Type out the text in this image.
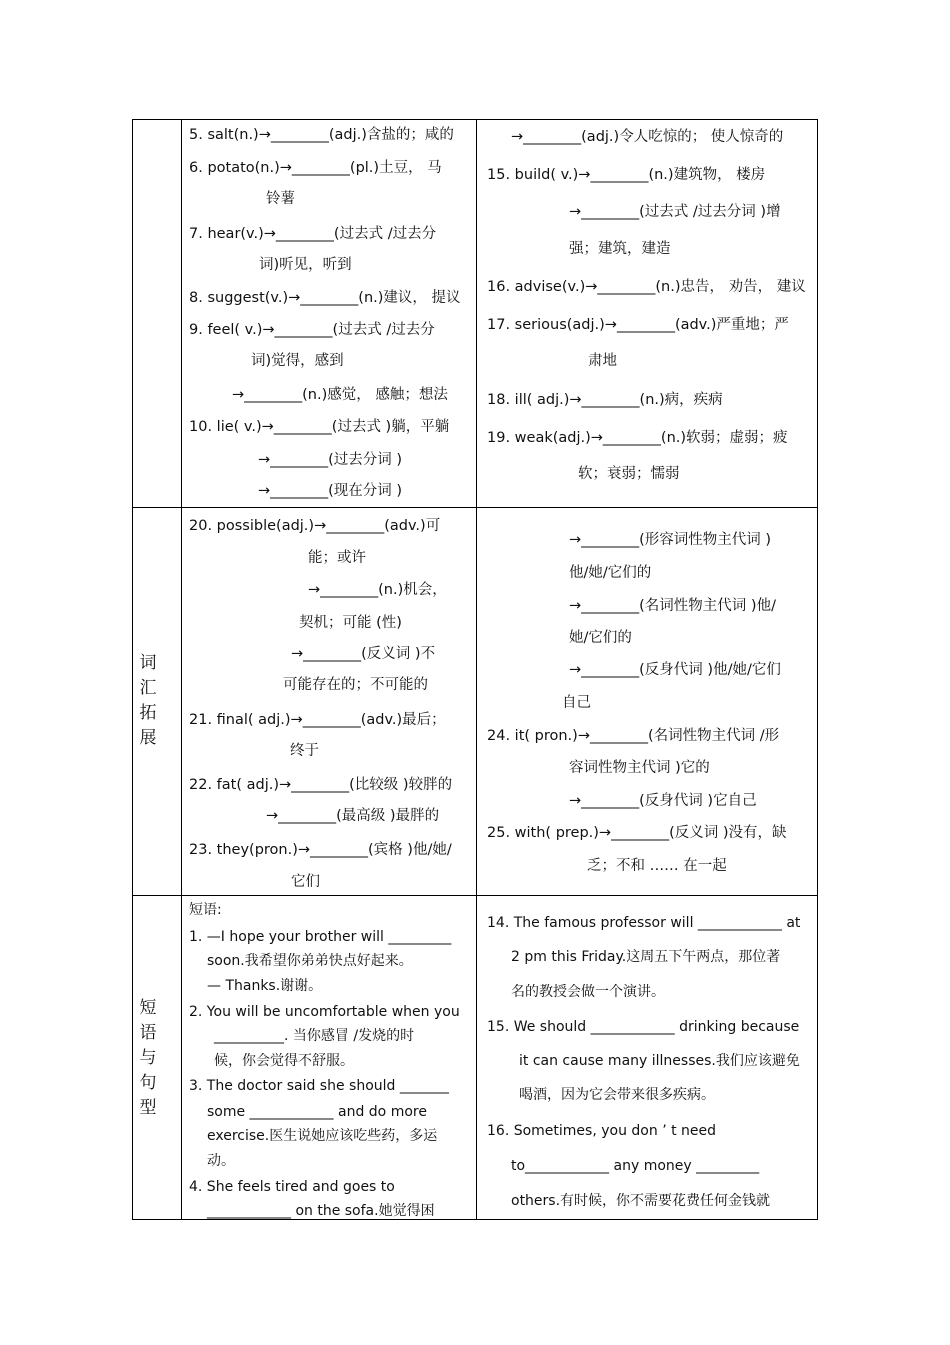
词
汇
拓
展
短
语
与
句
型
5. salt(n.)→________(adj.)含盐的；咸的
6. potato(n.)→________(pl.)土豆， 马
铃薯
7. hear(v.)→________(过去式 /过去分
词)听见，听到
8. suggest(v.)→________(n.)建议， 提议
9. feel( v.)→________(过去式 /过去分
词)觉得，感到
→________(n.)感觉， 感触；想法
10. lie( v.)→________(过去式 )躺，平躺
→________(过去分词 )
→________(现在分词 )
→________(adj.)令人吃惊的； 使人惊奇的
15. build( v.)→________(n.)建筑物， 楼房
→________(过去式 /过去分词 )增
强；建筑，建造
16. advise(v.)→________(n.)忠告， 劝告， 建议
17. serious(adj.)→________(adv.)严重地；严
肃地
18. ill( adj.)→________(n.)病，疾病
19. weak(adj.)→________(n.)软弱；虚弱；疲
软；衰弱；懦弱
20. possible(adj.)→________(adv.)可
能；或许
→________(n.)机会，
契机；可能 (性)
→________(反义词 )不
可能存在的；不可能的
21. final( adj.)→________(adv.)最后；
终于
22. fat( adj.)→________(比较级 )较胖的
→________(最高级 )最胖的
23. they(pron.)→________(宾格 )他/她/
它们
→________(形容词性物主代词 )
他/她/它们的
→________(名词性物主代词 )他/
她/它们的
→________(反身代词 )他/她/它们
自己
24. it( pron.)→________(名词性物主代词 /形
容词性物主代词 )它的
→________(反身代词 )它自己
25. with( prep.)→________(反义词 )没有，缺
乏；不和 …… 在一起
短语:
1. —I hope your brother will _________
soon.我希望你弟弟快点好起来。
— Thanks.谢谢。
2. You will be uncomfortable when you
__________. 当你感冒 /发烧的时
候，你会觉得不舒服。
3. The doctor said she should _______
some ____________ and do more
exercise.医生说她应该吃些药，多运
动。
4. She feels tired and goes to
____________ on the sofa.她觉得困
14. The famous professor will ____________ at
2 pm this Friday.这周五下午两点，那位著
名的教授会做一个演讲。
15. We should ____________ drinking because
it can cause many illnesses.我们应该避免
喝酒，因为它会带来很多疾病。
16. Sometimes, you don ’ t need
to____________ any money _________
others.有时候，你不需要花费任何金钱就
